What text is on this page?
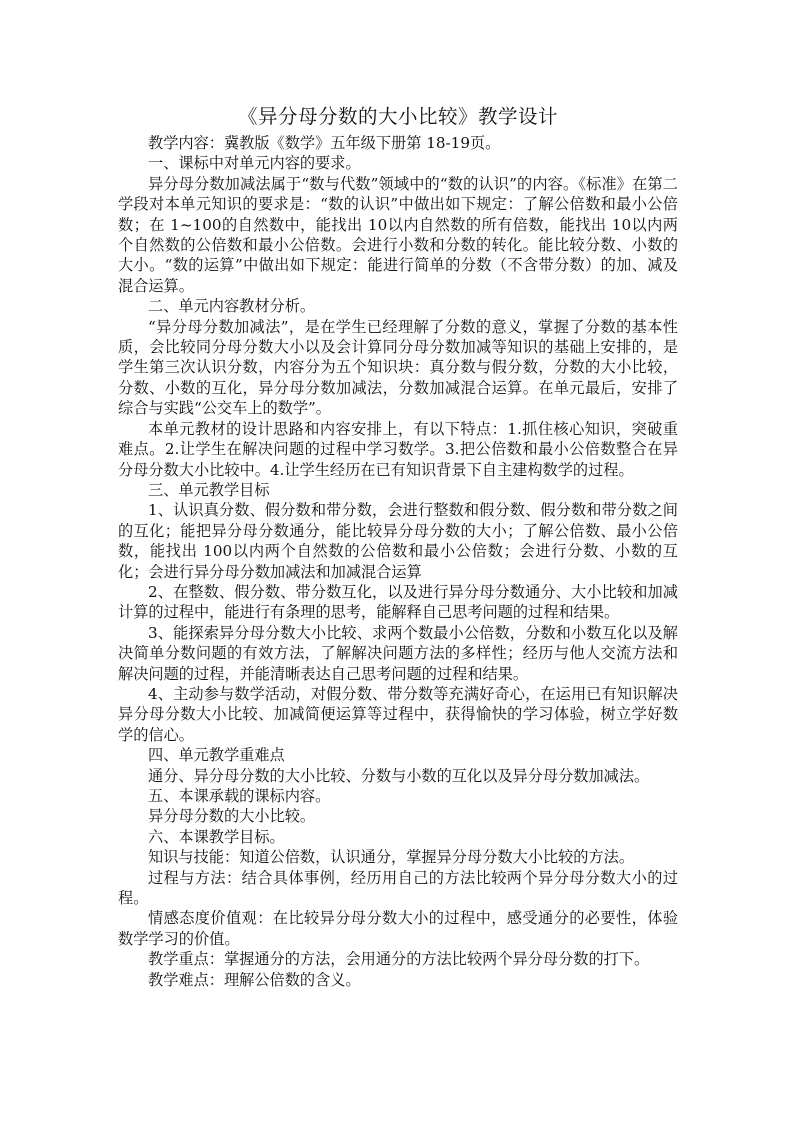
《异分母分数的大小比较》教学设计

教学内容：冀教版《数学》五年级下册第 18-19页。

一、课标中对单元内容的要求。

异分母分数加减法属于“数与代数”领域中的“数的认识”的内容。《标准》在第二学段对本单元知识的要求是：“数的认识”中做出如下规定：了解公倍数和最小公倍数；在 1~100的自然数中，能找出 10以内自然数的所有倍数，能找出 10以内两个自然数的公倍数和最小公倍数。会进行小数和分数的转化。能比较分数、小数的大小。“数的运算”中做出如下规定：能进行简单的分数（不含带分数）的加、减及混合运算。

二、单元内容教材分析。

“异分母分数加减法”，是在学生已经理解了分数的意义，掌握了分数的基本性质，会比较同分母分数大小以及会计算同分母分数加减等知识的基础上安排的，是学生第三次认识分数，内容分为五个知识块：真分数与假分数，分数的大小比较，分数、小数的互化，异分母分数加减法，分数加减混合运算。在单元最后，安排了综合与实践“公交车上的数学”。

本单元教材的设计思路和内容安排上，有以下特点：1.抓住核心知识，突破重难点。2.让学生在解决问题的过程中学习数学。3.把公倍数和最小公倍数整合在异分母分数大小比较中。4.让学生经历在已有知识背景下自主建构数学的过程。

三、单元教学目标

1、认识真分数、假分数和带分数，会进行整数和假分数、假分数和带分数之间的互化；能把异分母分数通分，能比较异分母分数的大小；了解公倍数、最小公倍数，能找出 100以内两个自然数的公倍数和最小公倍数；会进行分数、小数的互化；会进行异分母分数加减法和加减混合运算

2、在整数、假分数、带分数互化，以及进行异分母分数通分、大小比较和加减计算的过程中，能进行有条理的思考，能解释自己思考问题的过程和结果。

3、能探索异分母分数大小比较、求两个数最小公倍数，分数和小数互化以及解决简单分数问题的有效方法，了解解决问题方法的多样性；经历与他人交流方法和解决问题的过程，并能清晰表达自己思考问题的过程和结果。

4、主动参与数学活动，对假分数、带分数等充满好奇心，在运用已有知识解决异分母分数大小比较、加减简便运算等过程中，获得愉快的学习体验，树立学好数学的信心。

四、单元教学重难点

通分、异分母分数的大小比较、分数与小数的互化以及异分母分数加减法。

五、本课承载的课标内容。

异分母分数的大小比较。

六、本课教学目标。

知识与技能：知道公倍数，认识通分，掌握异分母分数大小比较的方法。

过程与方法：结合具体事例，经历用自己的方法比较两个异分母分数大小的过程。

情感态度价值观：在比较异分母分数大小的过程中，感受通分的必要性，体验数学学习的价值。

教学重点：掌握通分的方法，会用通分的方法比较两个异分母分数的打下。

教学难点：理解公倍数的含义。
